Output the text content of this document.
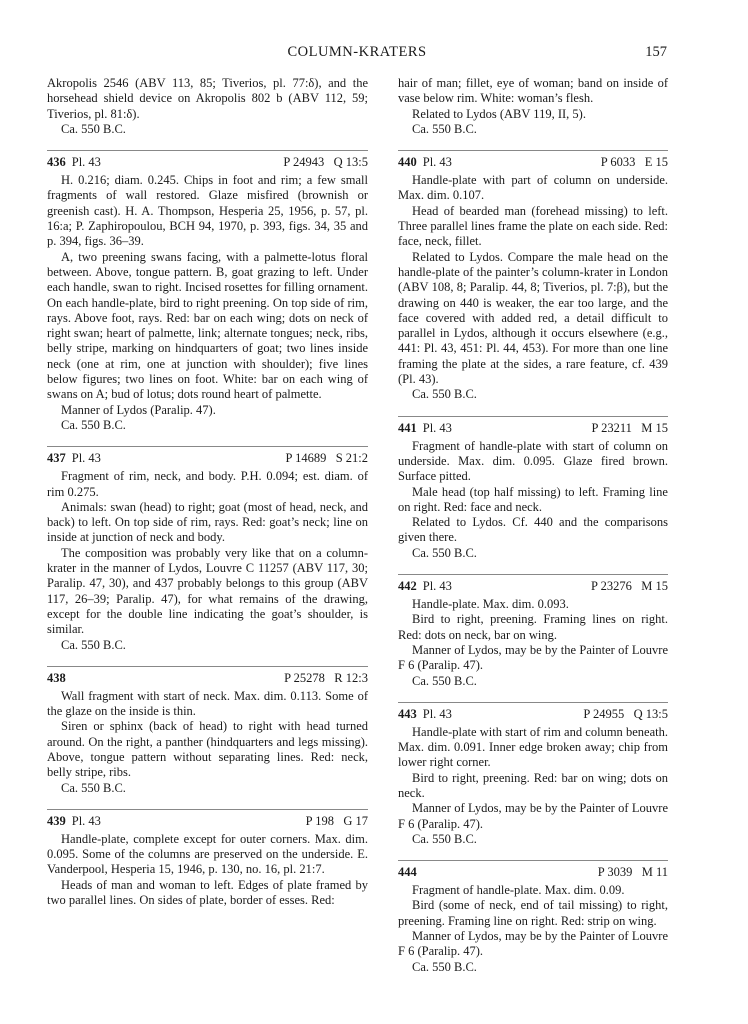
COLUMN-KRATERS	157

Akropolis 2546 (ABV 113, 85; Tiverios, pl. 77:δ), and the horsehead shield device on Akropolis 802 b (ABV 112, 59; Tiverios, pl. 81:δ).

Ca. 550 B.C.

436 Pl. 43	P 24943   Q 13:5

H. 0.216; diam. 0.245. Chips in foot and rim; a few small fragments of wall restored. Glaze misfired (brownish or greenish cast). H. A. Thompson, Hesperia 25, 1956, p. 57, pl. 16:a; P. Zaphiropoulou, BCH 94, 1970, p. 393, figs. 34, 35 and p. 394, figs. 36–39.

A, two preening swans facing, with a palmette-lotus floral between. Above, tongue pattern. B, goat grazing to left. Under each handle, swan to right. Incised rosettes for filling ornament. On each handle-plate, bird to right preening. On top side of rim, rays. Above foot, rays. Red: bar on each wing; dots on neck of right swan; heart of palmette, link; alternate tongues; neck, ribs, belly stripe, marking on hindquarters of goat; two lines inside neck (one at rim, one at junction with shoulder); five lines below figures; two lines on foot. White: bar on each wing of swans on A; bud of lotus; dots round heart of palmette.

Manner of Lydos (Paralip. 47).

Ca. 550 B.C.

437 Pl. 43	P 14689   S 21:2

Fragment of rim, neck, and body. P.H. 0.094; est. diam. of rim 0.275.

Animals: swan (head) to right; goat (most of head, neck, and back) to left. On top side of rim, rays. Red: goat’s neck; line on inside at junction of neck and body.

The composition was probably very like that on a column-krater in the manner of Lydos, Louvre C 11257 (ABV 117, 30; Paralip. 47, 30), and 437 probably belongs to this group (ABV 117, 26–39; Paralip. 47), for what remains of the drawing, except for the double line indicating the goat’s shoulder, is similar.

Ca. 550 B.C.

438	P 25278   R 12:3

Wall fragment with start of neck. Max. dim. 0.113. Some of the glaze on the inside is thin.

Siren or sphinx (back of head) to right with head turned around. On the right, a panther (hindquarters and legs missing). Above, tongue pattern without separating lines. Red: neck, belly stripe, ribs.

Ca. 550 B.C.

439 Pl. 43	P 198   G 17

Handle-plate, complete except for outer corners. Max. dim. 0.095. Some of the columns are preserved on the underside. E. Vanderpool, Hesperia 15, 1946, p. 130, no. 16, pl. 21:7.

Heads of man and woman to left. Edges of plate framed by two parallel lines. On sides of plate, border of esses. Red:

hair of man; fillet, eye of woman; band on inside of vase below rim. White: woman’s flesh.

Related to Lydos (ABV 119, II, 5).

Ca. 550 B.C.

440 Pl. 43	P 6033   E 15

Handle-plate with part of column on underside. Max. dim. 0.107.

Head of bearded man (forehead missing) to left. Three parallel lines frame the plate on each side. Red: face, neck, fillet.

Related to Lydos. Compare the male head on the handle-plate of the painter’s column-krater in London (ABV 108, 8; Paralip. 44, 8; Tiverios, pl. 7:β), but the drawing on 440 is weaker, the ear too large, and the face covered with added red, a detail difficult to parallel in Lydos, although it occurs elsewhere (e.g., 441: Pl. 43, 451: Pl. 44, 453). For more than one line framing the plate at the sides, a rare feature, cf. 439 (Pl. 43).

Ca. 550 B.C.

441 Pl. 43	P 23211   M 15

Fragment of handle-plate with start of column on underside. Max. dim. 0.095. Glaze fired brown. Surface pitted.

Male head (top half missing) to left. Framing line on right. Red: face and neck.

Related to Lydos. Cf. 440 and the comparisons given there.

Ca. 550 B.C.

442 Pl. 43	P 23276   M 15

Handle-plate. Max. dim. 0.093.

Bird to right, preening. Framing lines on right. Red: dots on neck, bar on wing.

Manner of Lydos, may be by the Painter of Louvre F 6 (Paralip. 47).

Ca. 550 B.C.

443 Pl. 43	P 24955   Q 13:5

Handle-plate with start of rim and column beneath. Max. dim. 0.091. Inner edge broken away; chip from lower right corner.

Bird to right, preening. Red: bar on wing; dots on neck.

Manner of Lydos, may be by the Painter of Louvre F 6 (Paralip. 47).

Ca. 550 B.C.

444	P 3039   M 11

Fragment of handle-plate. Max. dim. 0.09.

Bird (some of neck, end of tail missing) to right, preening. Framing line on right. Red: strip on wing.

Manner of Lydos, may be by the Painter of Louvre F 6 (Paralip. 47).

Ca. 550 B.C.
